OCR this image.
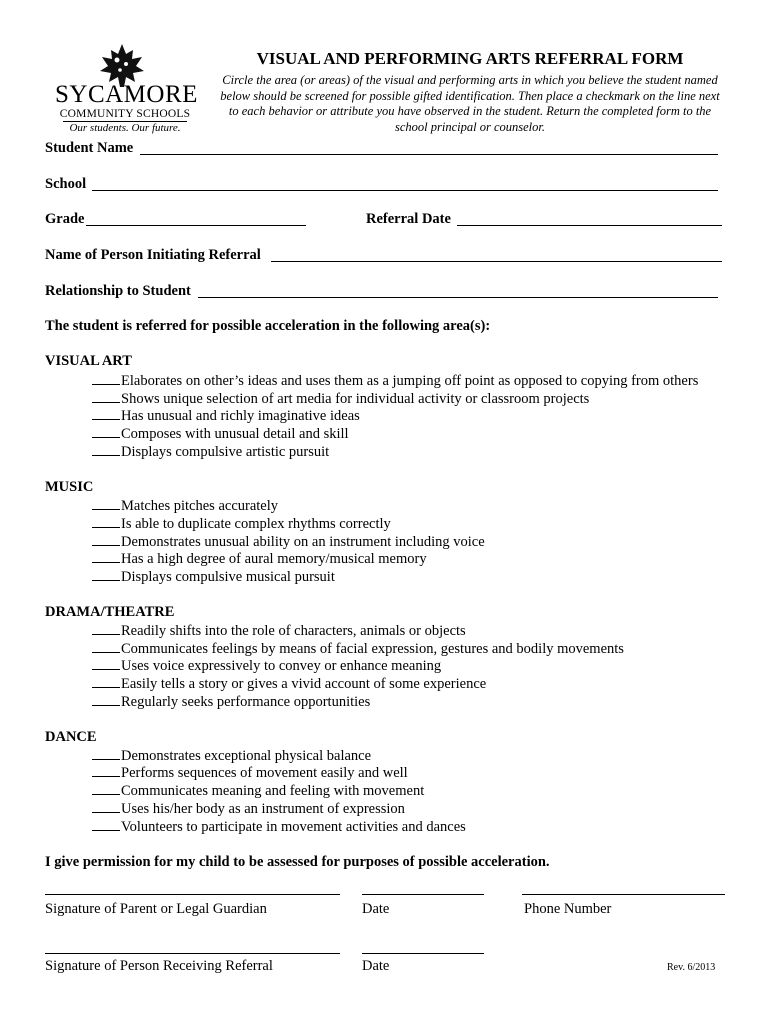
SYCAMORE
COMMUNITY SCHOOLS
Our students. Our future.
VISUAL AND PERFORMING ARTS REFERRAL FORM
Circle the area (or areas) of the visual and performing arts in which you believe the student named
below should be screened for possible gifted identification. Then place a checkmark on the line next
to each behavior or attribute you have observed in the student. Return the completed form to the
school principal or counselor.
Student Name
School
Grade	Referral Date
Name of Person Initiating Referral
Relationship to Student
The student is referred for possible acceleration in the following area(s):
VISUAL ART
Elaborates on other’s ideas and uses them as a jumping off point as opposed to copying from others
Shows unique selection of art media for individual activity or classroom projects
Has unusual and richly imaginative ideas
Composes with unusual detail and skill
Displays compulsive artistic pursuit
MUSIC
Matches pitches accurately
Is able to duplicate complex rhythms correctly
Demonstrates unusual ability on an instrument including voice
Has a high degree of aural memory/musical memory
Displays compulsive musical pursuit
DRAMA/THEATRE
Readily shifts into the role of characters, animals or objects
Communicates feelings by means of facial expression, gestures and bodily movements
Uses voice expressively to convey or enhance meaning
Easily tells a story or gives a vivid account of some experience
Regularly seeks performance opportunities
DANCE
Demonstrates exceptional physical balance
Performs sequences of movement easily and well
Communicates meaning and feeling with movement
Uses his/her body as an instrument of expression
Volunteers to participate in movement activities and dances
I give permission for my child to be assessed for purposes of possible acceleration.
Signature of Parent or Legal Guardian	Date	Phone Number
Signature of Person Receiving Referral	Date	Rev. 6/2013
